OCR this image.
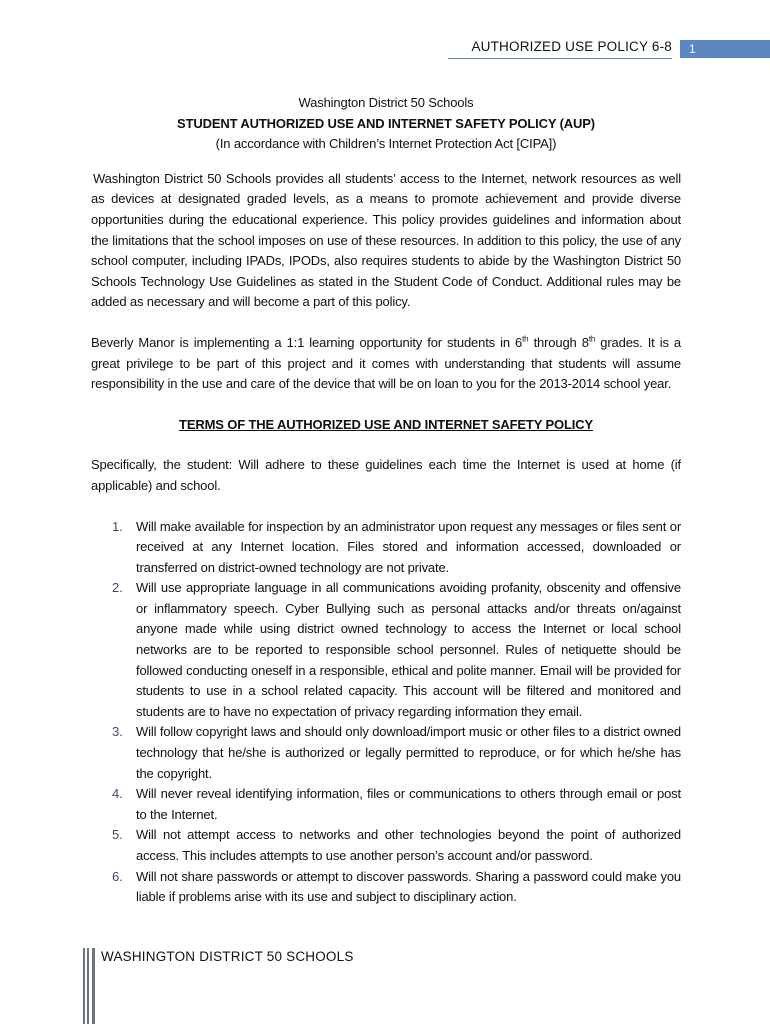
AUTHORIZED USE POLICY 6-8	1
Washington District 50 Schools
STUDENT AUTHORIZED USE AND INTERNET SAFETY POLICY (AUP)
(In accordance with Children’s Internet Protection Act [CIPA])

Washington District 50 Schools provides all students’ access to the Internet, network resources as well as devices at designated graded levels, as a means to promote achievement and provide diverse opportunities during the educational experience. This policy provides guidelines and information about the limitations that the school imposes on use of these resources. In addition to this policy, the use of any school computer, including IPADs, IPODs, also requires students to abide by the Washington District 50 Schools Technology Use Guidelines as stated in the Student Code of Conduct. Additional rules may be added as necessary and will become a part of this policy.

Beverly Manor is implementing a 1:1 learning opportunity for students in 6th through 8th grades. It is a great privilege to be part of this project and it comes with understanding that students will assume responsibility in the use and care of the device that will be on loan to you for the 2013-2014 school year.

TERMS OF THE AUTHORIZED USE AND INTERNET SAFETY POLICY

Specifically, the student: Will adhere to these guidelines each time the Internet is used at home (if applicable) and school.

1. Will make available for inspection by an administrator upon request any messages or files sent or received at any Internet location. Files stored and information accessed, downloaded or transferred on district-owned technology are not private.
2. Will use appropriate language in all communications avoiding profanity, obscenity and offensive or inflammatory speech. Cyber Bullying such as personal attacks and/or threats on/against anyone made while using district owned technology to access the Internet or local school networks are to be reported to responsible school personnel. Rules of netiquette should be followed conducting oneself in a responsible, ethical and polite manner. Email will be provided for students to use in a school related capacity. This account will be filtered and monitored and students are to have no expectation of privacy regarding information they email.
3. Will follow copyright laws and should only download/import music or other files to a district owned technology that he/she is authorized or legally permitted to reproduce, or for which he/she has the copyright.
4. Will never reveal identifying information, files or communications to others through email or post to the Internet.
5. Will not attempt access to networks and other technologies beyond the point of authorized access. This includes attempts to use another person’s account and/or password.
6. Will not share passwords or attempt to discover passwords. Sharing a password could make you liable if problems arise with its use and subject to disciplinary action.
WASHINGTON DISTRICT 50 SCHOOLS
